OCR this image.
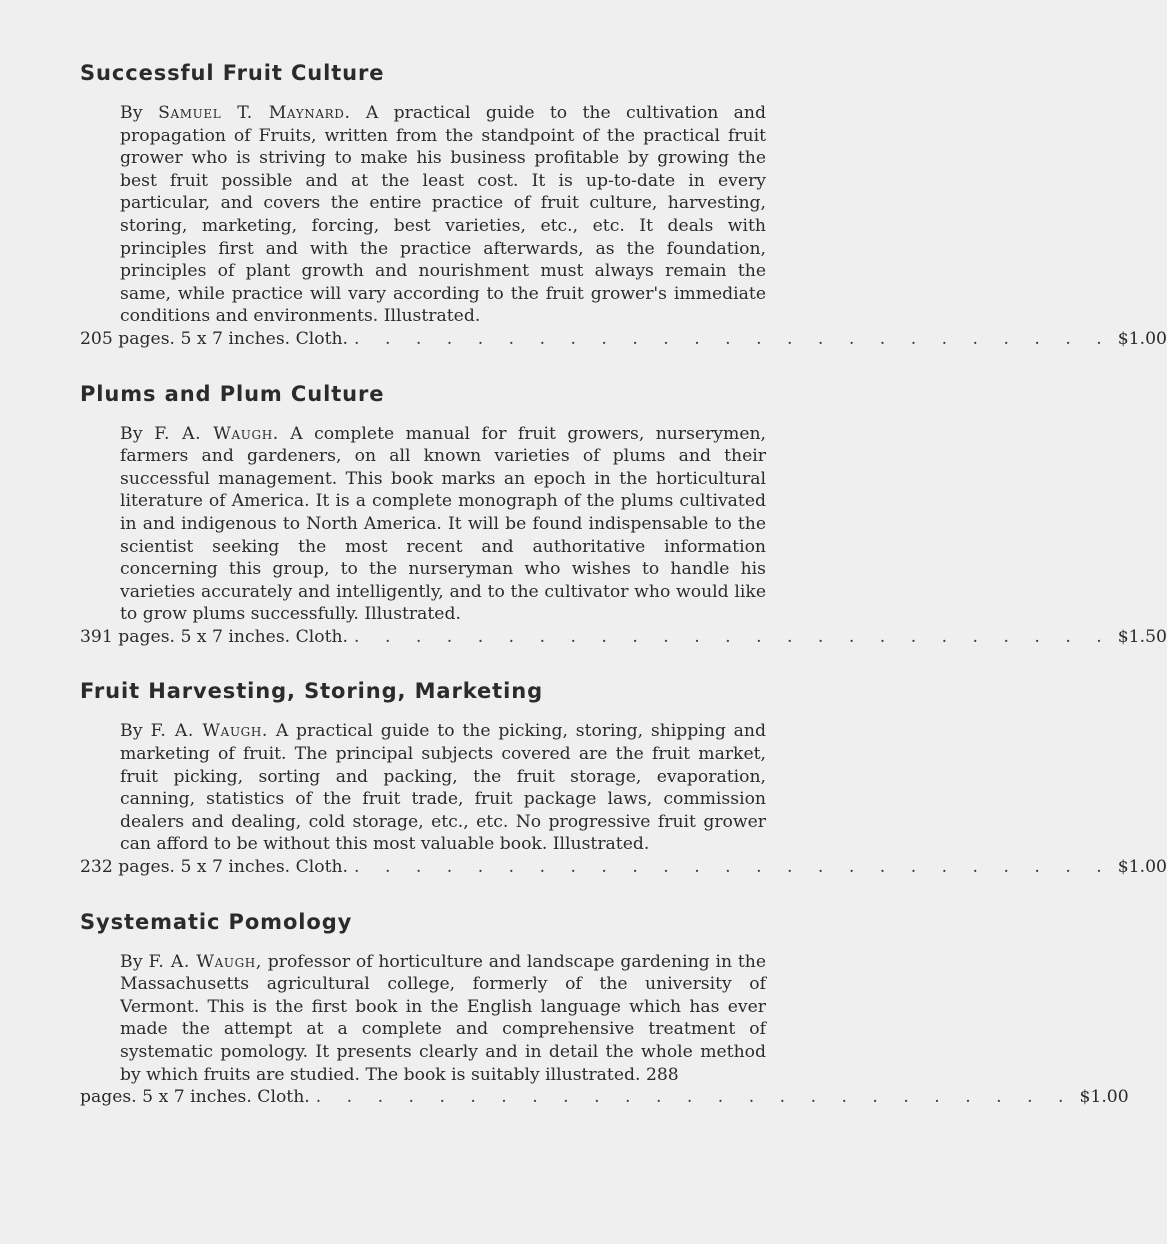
Successful Fruit Culture

By Samuel T. Maynard. A practical guide to the cultivation and propagation of Fruits, written from the standpoint of the practical fruit grower who is striving to make his business profitable by growing the best fruit possible and at the least cost. It is up-to-date in every particular, and covers the entire practice of fruit culture, harvesting, storing, marketing, forcing, best varieties, etc., etc. It deals with principles first and with the practice afterwards, as the foundation, principles of plant growth and nourishment must always remain the same, while practice will vary according to the fruit grower's immediate conditions and environments. Illustrated.

205 pages. 5 x 7 inches. Cloth. . . . . . . . . . . . . . . . . . . . . . . . . . $1.00

Plums and Plum Culture

By F. A. Waugh. A complete manual for fruit growers, nurserymen, farmers and gardeners, on all known varieties of plums and their successful management. This book marks an epoch in the horticultural literature of America. It is a complete monograph of the plums cultivated in and indigenous to North America. It will be found indispensable to the scientist seeking the most recent and authoritative information concerning this group, to the nurseryman who wishes to handle his varieties accurately and intelligently, and to the cultivator who would like to grow plums successfully. Illustrated.

391 pages. 5 x 7 inches. Cloth. . . . . . . . . . . . . . . . . . . . . . . . . . $1.50

Fruit Harvesting, Storing, Marketing

By F. A. Waugh. A practical guide to the picking, storing, shipping and marketing of fruit. The principal subjects covered are the fruit market, fruit picking, sorting and packing, the fruit storage, evaporation, canning, statistics of the fruit trade, fruit package laws, commission dealers and dealing, cold storage, etc., etc. No progressive fruit grower can afford to be without this most valuable book. Illustrated.

232 pages. 5 x 7 inches. Cloth. . . . . . . . . . . . . . . . . . . . . . . . . . $1.00

Systematic Pomology

By F. A. Waugh, professor of horticulture and landscape gardening in the Massachusetts agricultural college, formerly of the university of Vermont. This is the first book in the English language which has ever made the attempt at a complete and comprehensive treatment of systematic pomology. It presents clearly and in detail the whole method by which fruits are studied. The book is suitably illustrated. 288

pages. 5 x 7 inches. Cloth. . . . . . . . . . . . . . . . . . . . . . . . . . $1.00
